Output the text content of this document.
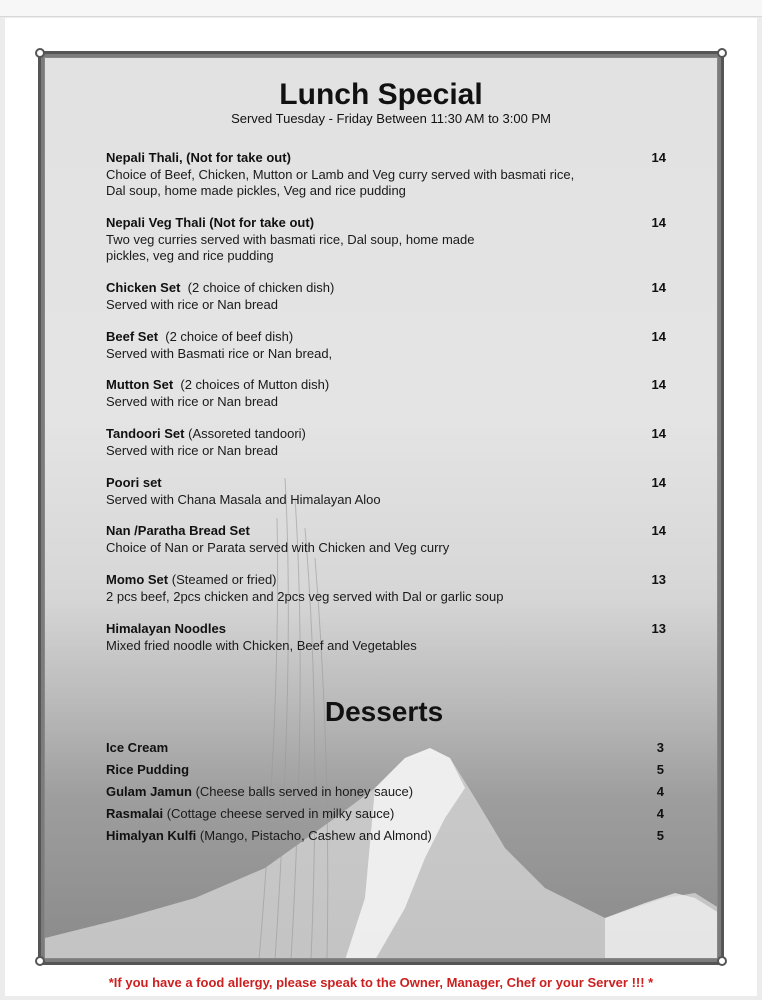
Lunch Special
Served Tuesday - Friday Between 11:30 AM to 3:00 PM
Nepali Thali, (Not for take out)
Choice of Beef, Chicken, Mutton or Lamb and Veg curry served with basmati rice,
Dal soup, home made pickles, Veg and rice pudding
14
Nepali Veg Thali (Not for take out)
Two veg curries served with basmati rice, Dal soup, home made
pickles, veg and rice pudding
14
Chicken Set (2 choice of chicken dish)
Served with rice or Nan bread
14
Beef Set (2 choice of beef dish)
Served with Basmati rice or Nan bread,
14
Mutton Set (2 choices of Mutton dish)
Served with rice or Nan bread
14
Tandoori Set (Assoreted tandoori)
Served with rice or Nan bread
14
Poori set
Served with Chana Masala and Himalayan Aloo
14
Nan /Paratha Bread Set
Choice of Nan or Parata served with Chicken and Veg curry
14
Momo Set (Steamed or fried)
2 pcs beef, 2pcs chicken and 2pcs veg served with Dal or garlic soup
13
Himalayan Noodles
Mixed fried noodle with Chicken, Beef and Vegetables
13
Desserts
Ice Cream	3
Rice Pudding	5
Gulam Jamun (Cheese balls served in honey sauce)	4
Rasmalai (Cottage cheese served in milky sauce)	4
Himalyan Kulfi (Mango, Pistacho, Cashew and Almond)	5
*If you have a food allergy, please speak to the Owner, Manager, Chef or your Server !!! *
